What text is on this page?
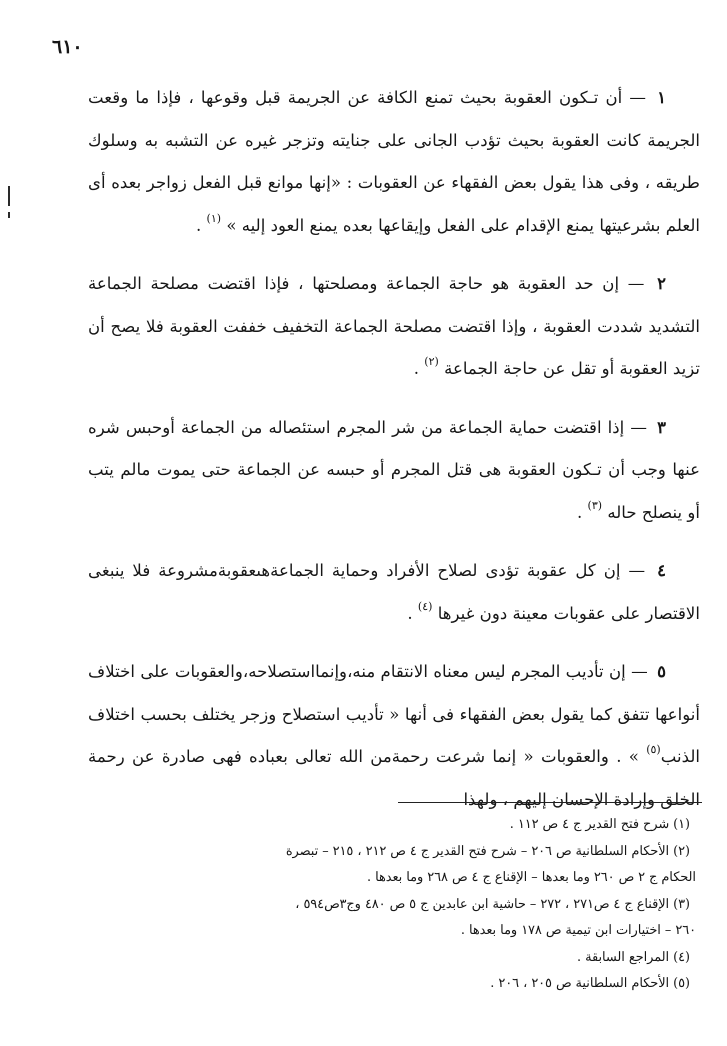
٦١٠

١ — أن تـكون العقوبة بحيث تمنع الكافة عن الجريمة قبل وقوعها ، فإذا ما وقعت الجريمة كانت العقوبة بحيث تؤدب الجانى على جنايته وتزجر غيره عن التشبه به وسلوك طريقه ، وفى هذا يقول بعض الفقهاء عن العقوبات : «إنها موانع قبل الفعل زواجر بعده أى العلم بشرعيتها يمنع الإقدام على الفعل وإيقاعها بعده يمنع العود إليه » $^{(١)}$ .

٢ — إن حد العقوبة هو حاجة الجماعة ومصلحتها ، فإذا اقتضت مصلحة الجماعة التشديد شددت العقوبة ، وإذا اقتضت مصلحة الجماعة التخفيف خففت العقوبة فلا يصح أن تزيد العقوبة أو تقل عن حاجة الجماعة $^{(٢)}$ .

٣ — إذا اقتضت حماية الجماعة من شر المجرم استئصاله من الجماعة أوحبس شره عنها وجب أن تـكون العقوبة هى قتل المجرم أو حبسه عن الجماعة حتى يموت مالم يتب أو ينصلح حاله $^{(٣)}$ .

٤ — إن كل عقوبة تؤدى لصلاح الأفراد وحماية الجماعةهىعقوبةمشروعة فلا ينبغى الاقتصار على عقوبات معينة دون غيرها $^{(٤)}$ .

٥ — إن تأديب المجرم ليس معناه الانتقام منه،وإنمااستصلاحه،والعقوبات على اختلاف أنواعها تتفق كما يقول بعض الفقهاء فى أنها « تأديب استصلاح وزجر يختلف بحسب اختلاف الذنب$^{(٥)}$ » . والعقوبات « إنما شرعت رحمةمن الله تعالى بعباده فهى صادرة عن رحمة الخلق وإرادة الإحسان إليهم ، ولهذا

(١) شرح فتح القدير ج ٤ ص ١١٢ .

(٢) الأحكام السلطانية ص ٢٠٦ – شرح فتح القدير ج ٤ ص ٢١٢ ، ٢١٥ – تبصرة

الحكام ج ٢ ص ٢٦٠ وما بعدها – الإقناع ج ٤ ص ٢٦٨ وما بعدها .

(٣) الإقناع ج ٤ ص٢٧١ ، ٢٧٢ – حاشية ابن عابدين ج ٥ ص ٤٨٠ وج٣ص٥٩٤ ،

٢٦٠ – اختيارات ابن تيمية ص ١٧٨ وما بعدها .

(٤) المراجع السابقة .

(٥) الأحكام السلطانية ص ٢٠٥ ، ٢٠٦ .
